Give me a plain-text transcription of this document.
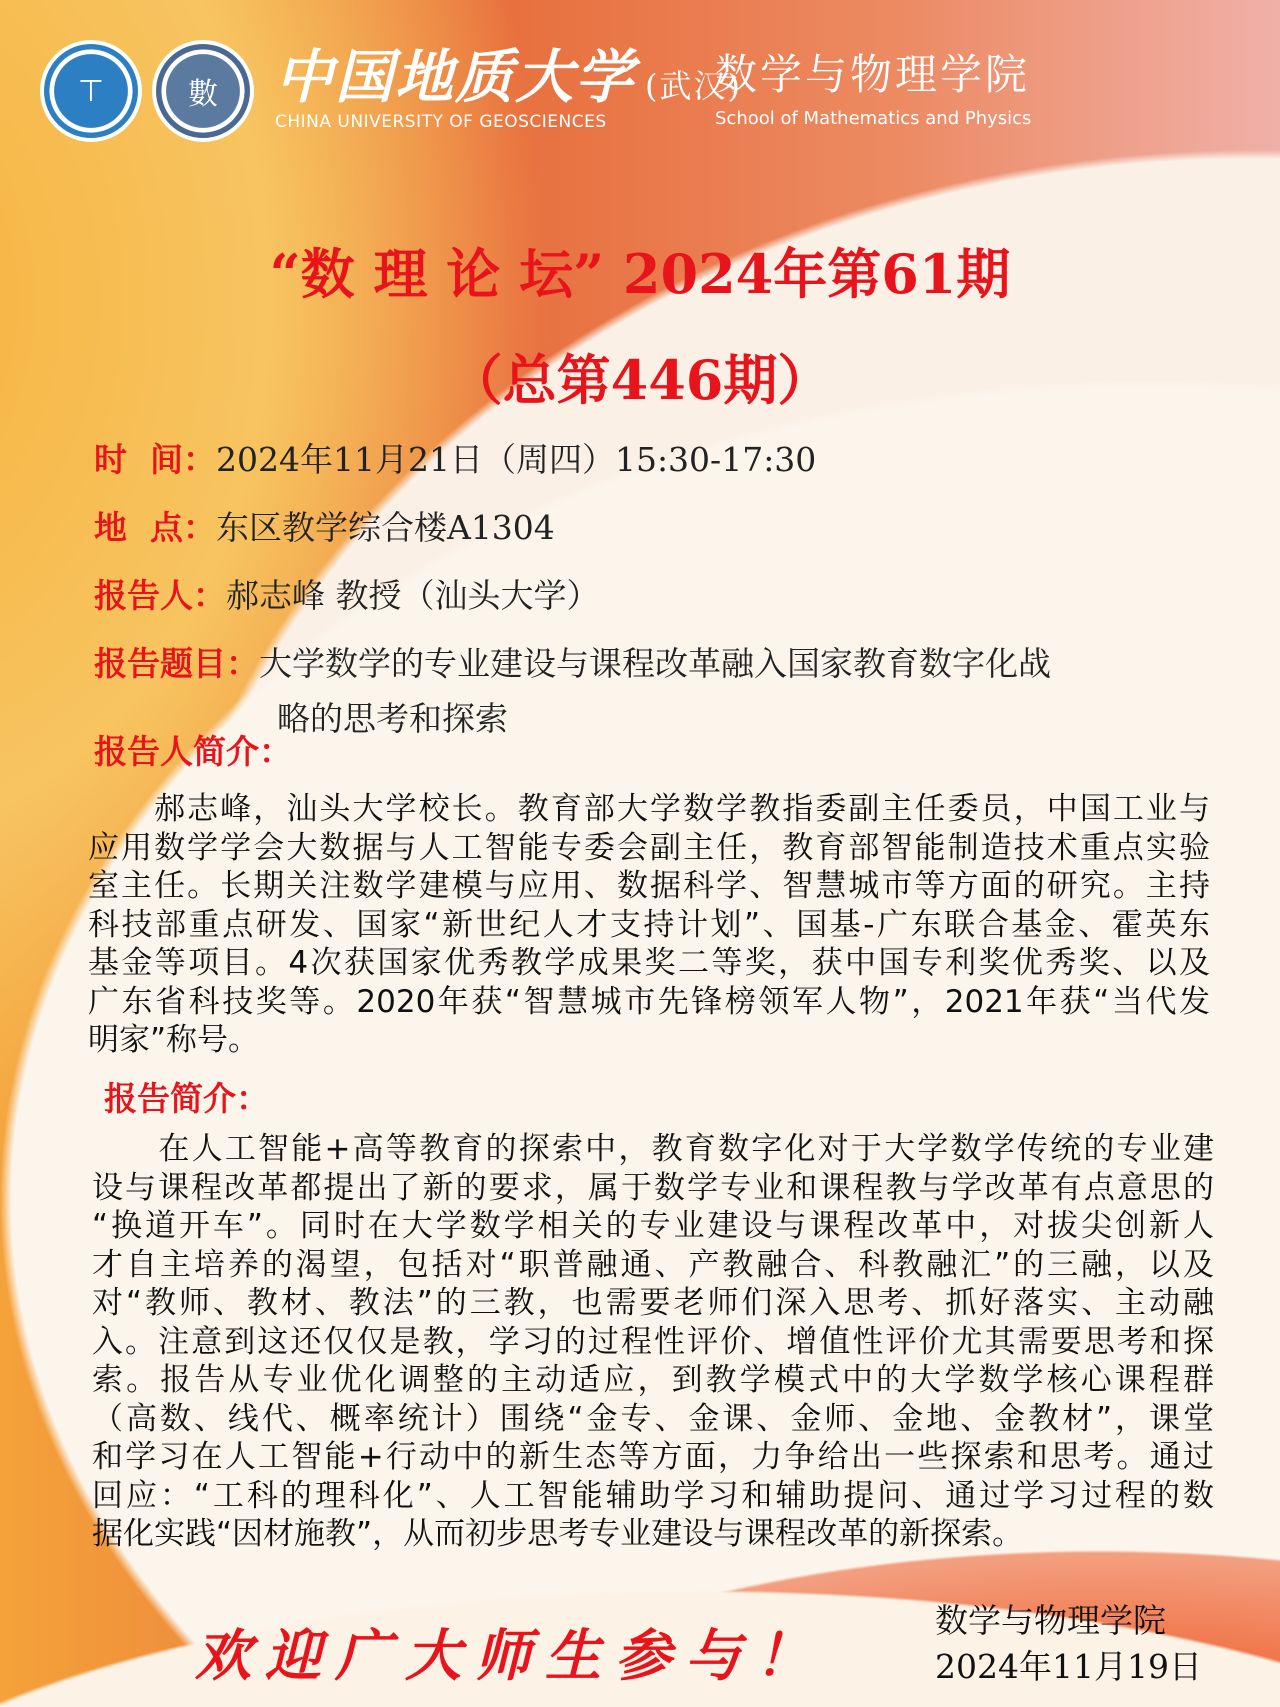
⊤	數 中国地质大学 (武汉)
CHINA UNIVERSITY OF GEOSCIENCES
数学与物理学院
School of Mathematics and Physics
“数 理 论 坛” 2024年第61期
（总第446期）
时  间：2024年11月21日（周四）15:30-17:30
地  点：东区教学综合楼A1304
报告人：郝志峰 教授（汕头大学）
报告题目：大学数学的专业建设与课程改革融入国家教育数字化战
略的思考和探索
报告人简介：
　　郝志峰，汕头大学校长。教育部大学数学教指委副主任委员，中国工业与
应用数学学会大数据与人工智能专委会副主任，教育部智能制造技术重点实验
室主任。长期关注数学建模与应用、数据科学、智慧城市等方面的研究。主持
科技部重点研发、国家“新世纪人才支持计划”、国基-广东联合基金、霍英东
基金等项目。4次获国家优秀教学成果奖二等奖，获中国专利奖优秀奖、以及
广东省科技奖等。2020年获“智慧城市先锋榜领军人物”，2021年获“当代发
明家”称号。
报告简介：
　　在人工智能+高等教育的探索中，教育数字化对于大学数学传统的专业建
设与课程改革都提出了新的要求，属于数学专业和课程教与学改革有点意思的
“换道开车”。同时在大学数学相关的专业建设与课程改革中，对拔尖创新人
才自主培养的渴望，包括对“职普融通、产教融合、科教融汇”的三融，以及
对“教师、教材、教法”的三教，也需要老师们深入思考、抓好落实、主动融
入。注意到这还仅仅是教，学习的过程性评价、增值性评价尤其需要思考和探
索。报告从专业优化调整的主动适应，到教学模式中的大学数学核心课程群
（高数、线代、概率统计）围绕“金专、金课、金师、金地、金教材”，课堂
和学习在人工智能+行动中的新生态等方面，力争给出一些探索和思考。通过
回应：“工科的理科化”、人工智能辅助学习和辅助提问、通过学习过程的数
据化实践“因材施教”，从而初步思考专业建设与课程改革的新探索。
欢迎广大师生参与！
数学与物理学院
2024年11月19日
